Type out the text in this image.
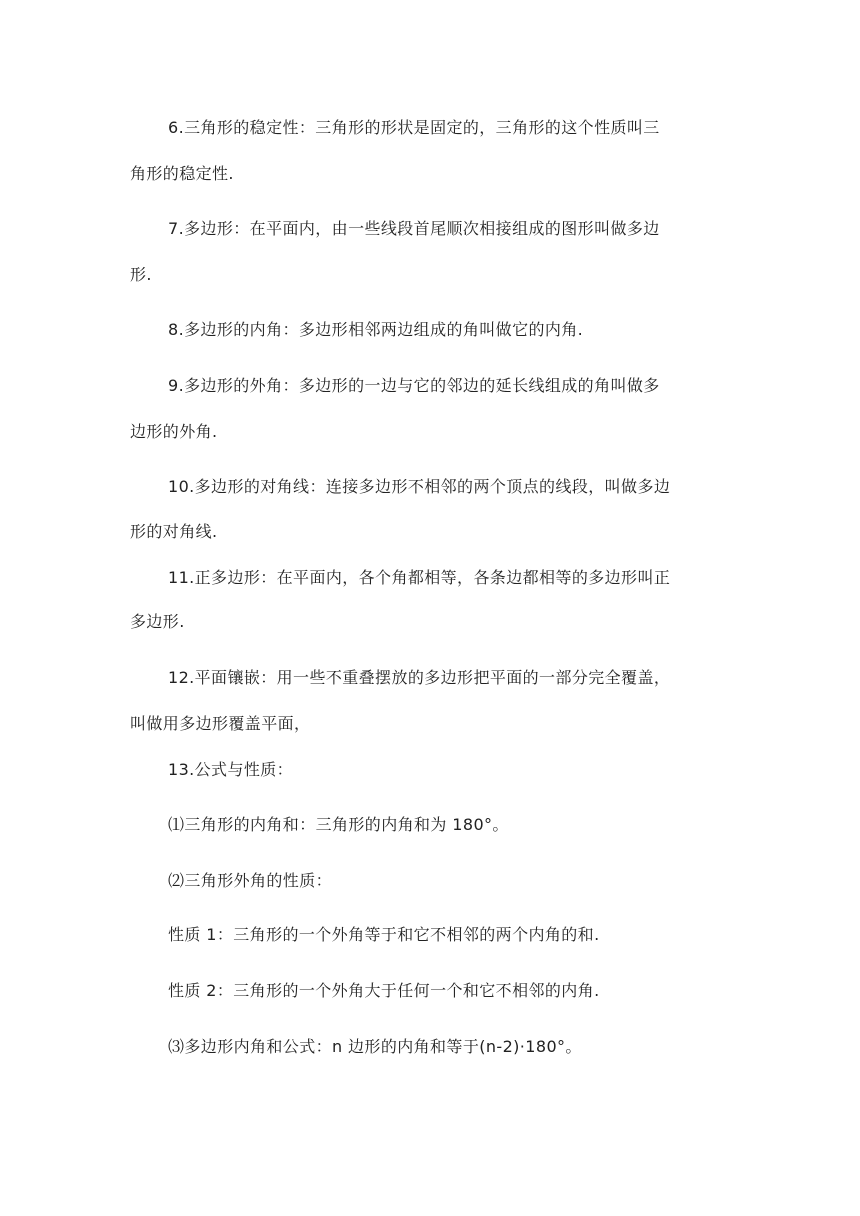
6.三角形的稳定性：三角形的形状是固定的，三角形的这个性质叫三
角形的稳定性.
7.多边形：在平面内，由一些线段首尾顺次相接组成的图形叫做多边
形.
8.多边形的内角：多边形相邻两边组成的角叫做它的内角.
9.多边形的外角：多边形的一边与它的邻边的延长线组成的角叫做多
边形的外角.
10.多边形的对角线：连接多边形不相邻的两个顶点的线段，叫做多边
形的对角线.
11.正多边形：在平面内，各个角都相等，各条边都相等的多边形叫正
多边形.
12.平面镶嵌：用一些不重叠摆放的多边形把平面的一部分完全覆盖，
叫做用多边形覆盖平面，
13.公式与性质：
⑴三角形的内角和：三角形的内角和为 180°。
⑵三角形外角的性质：
性质 1：三角形的一个外角等于和它不相邻的两个内角的和.
性质 2：三角形的一个外角大于任何一个和它不相邻的内角.
⑶多边形内角和公式：n 边形的内角和等于(n-2)·180°。
